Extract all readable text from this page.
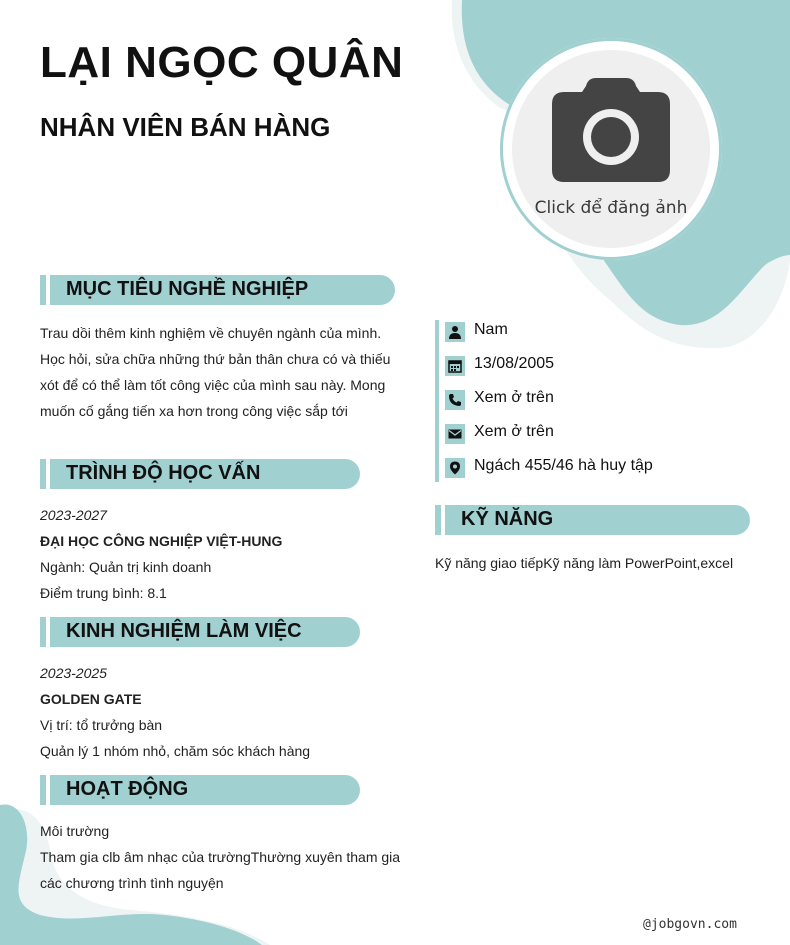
LẠI NGỌC QUÂN
NHÂN VIÊN BÁN HÀNG
Click để đăng ảnh
MỤC TIÊU NGHỀ NGHIỆP
Trau dồi thêm kinh nghiệm về chuyên ngành của mình.
Học hỏi, sửa chữa những thứ bản thân chưa có và thiếu
xót để có thể làm tốt công việc của mình sau này. Mong
muốn cố gắng tiến xa hơn trong công việc sắp tới
TRÌNH ĐỘ HỌC VẤN
2023-2027
ĐẠI HỌC CÔNG NGHIỆP VIỆT-HUNG
Ngành: Quản trị kinh doanh
Điểm trung bình: 8.1
KINH NGHIỆM LÀM VIỆC
2023-2025
GOLDEN GATE
Vị trí: tổ trưởng bàn
Quản lý 1 nhóm nhỏ, chăm sóc khách hàng
HOẠT ĐỘNG
Môi trường
Tham gia clb âm nhạc của trườngThường xuyên tham gia
các chương trình tình nguyện
Nam
13/08/2005
Xem ở trên
Xem ở trên
Ngách 455/46 hà huy tập
KỸ NĂNG
Kỹ năng giao tiếpKỹ năng làm PowerPoint,excel
@jobgovn.com
